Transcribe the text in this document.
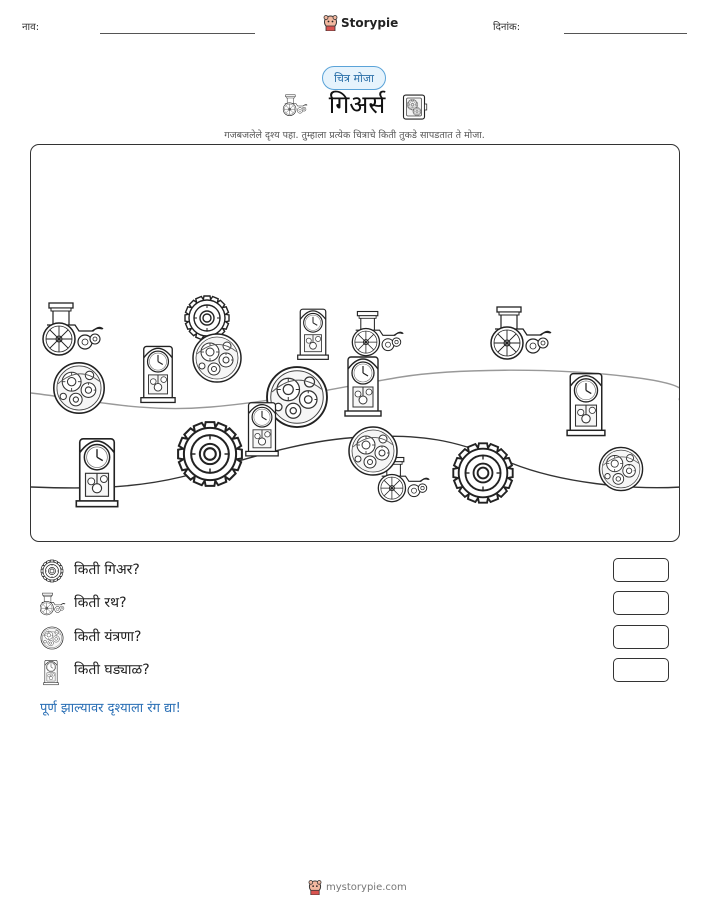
नाव:	Storypie	दिनांक:
चित्र मोजा
गिअर्स
गजबजलेले दृश्य पहा. तुम्हाला प्रत्येक चित्राचे किती तुकडे सापडतात ते मोजा.
किती गिअर?
किती रथ?
किती यंत्रणा?
किती घड्याळ?
पूर्ण झाल्यावर दृश्याला रंग द्या!
mystorypie.com
